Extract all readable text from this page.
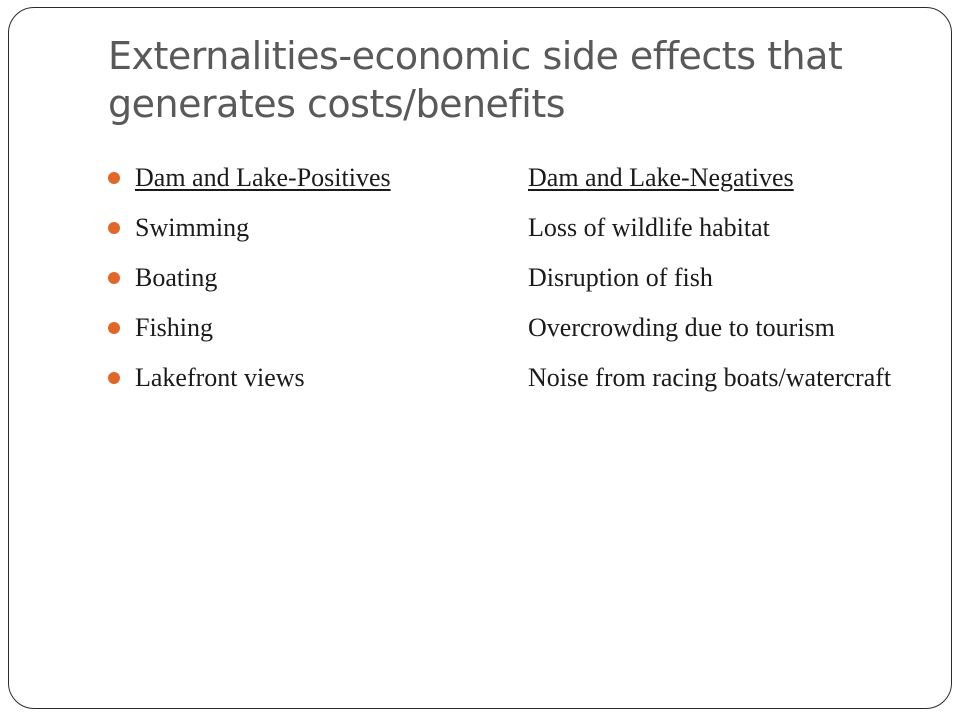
Externalities-economic side effects that generates costs/benefits
Dam and Lake-Positives
Swimming
Boating
Fishing
Lakefront views
Dam and Lake-Negatives
Loss of wildlife habitat
Disruption of fish
Overcrowding due to tourism
Noise from racing boats/watercraft
